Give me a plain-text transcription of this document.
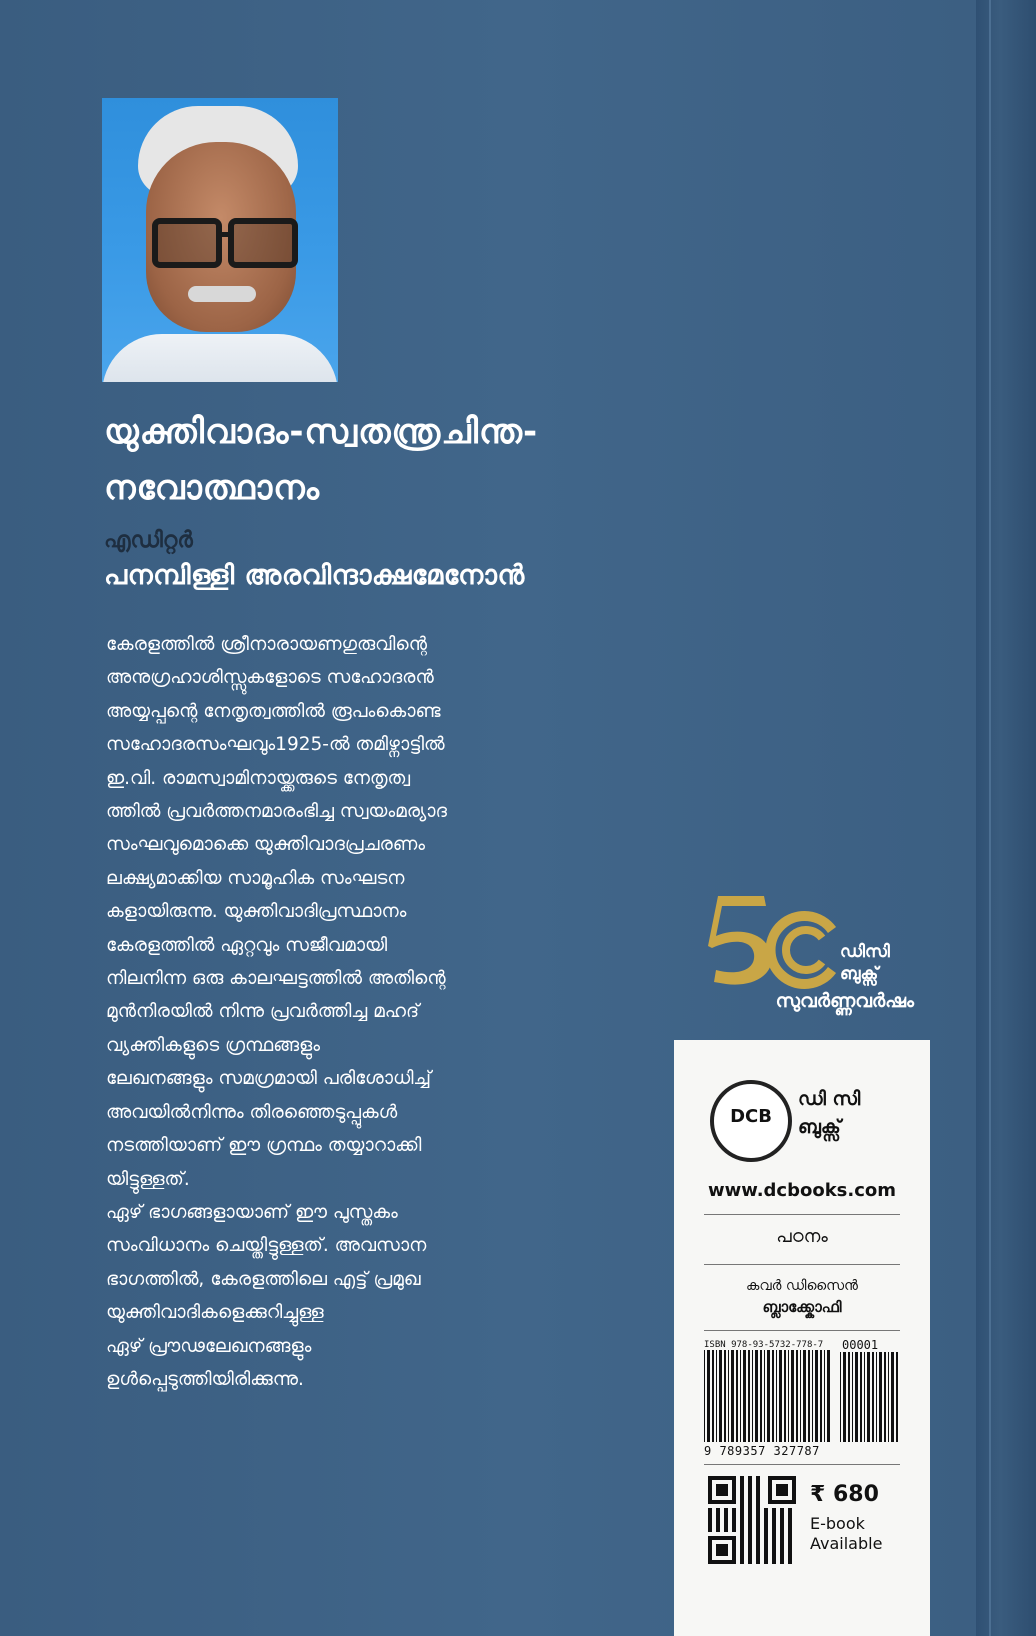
യുക്തിവാദം-സ്വതന്ത്രചിന്ത-
നവോത്ഥാനം
എഡിറ്റർ
പനമ്പിള്ളി അരവിന്ദാക്ഷമേനോൻ
കേരളത്തിൽ ശ്രീനാരായണഗുരുവിന്റെ
അനുഗ്രഹാശിസ്സുകളോടെ സഹോദരൻ
അയ്യപ്പന്റെ നേതൃത്വത്തിൽ രൂപംകൊണ്ട
സഹോദരസംഘവും1925-ൽ തമിഴ്നാട്ടിൽ
ഇ.വി. രാമസ്വാമിനായ്ക്കരുടെ നേതൃത്വ
ത്തിൽ പ്രവർത്തനമാരംഭിച്ച സ്വയംമര്യാദ
സംഘവുമൊക്കെ യുക്തിവാദപ്രചരണം
ലക്ഷ്യമാക്കിയ സാമൂഹിക സംഘടന
കളായിരുന്നു. യുക്തിവാദിപ്രസ്ഥാനം
കേരളത്തിൽ ഏറ്റവും സജീവമായി
നിലനിന്ന ഒരു കാലഘട്ടത്തിൽ അതിന്റെ
മുൻനിരയിൽ നിന്നു പ്രവർത്തിച്ച മഹദ്
വ്യക്തികളുടെ ഗ്രന്ഥങ്ങളും
ലേഖനങ്ങളും സമഗ്രമായി പരിശോധിച്ച്
അവയിൽനിന്നും തിരഞ്ഞെടുപ്പുകൾ
നടത്തിയാണ് ഈ ഗ്രന്ഥം തയ്യാറാക്കി
യിട്ടുള്ളത്.
ഏഴ് ഭാഗങ്ങളായാണ് ഈ പുസ്തകം
സംവിധാനം ചെയ്തിട്ടുള്ളത്. അവസാന
ഭാഗത്തിൽ, കേരളത്തിലെ എട്ട് പ്രമുഖ
യുക്തിവാദികളെക്കുറിച്ചുള്ള
ഏഴ് പ്രൗഢലേഖനങ്ങളും
ഉൾപ്പെടുത്തിയിരിക്കുന്നു.
ഡിസി
ബുക്സ്
സുവർണ്ണവർഷം
DCB
ഡി സി
ബുക്സ്
www.dcbooks.com
പഠനം
കവർ ഡിസൈൻ
ബ്ലാക്ക്കോഫി
ISBN 978-93-5732-778-7 00001
9 789357 327787
₹ 680
E-book
Available
